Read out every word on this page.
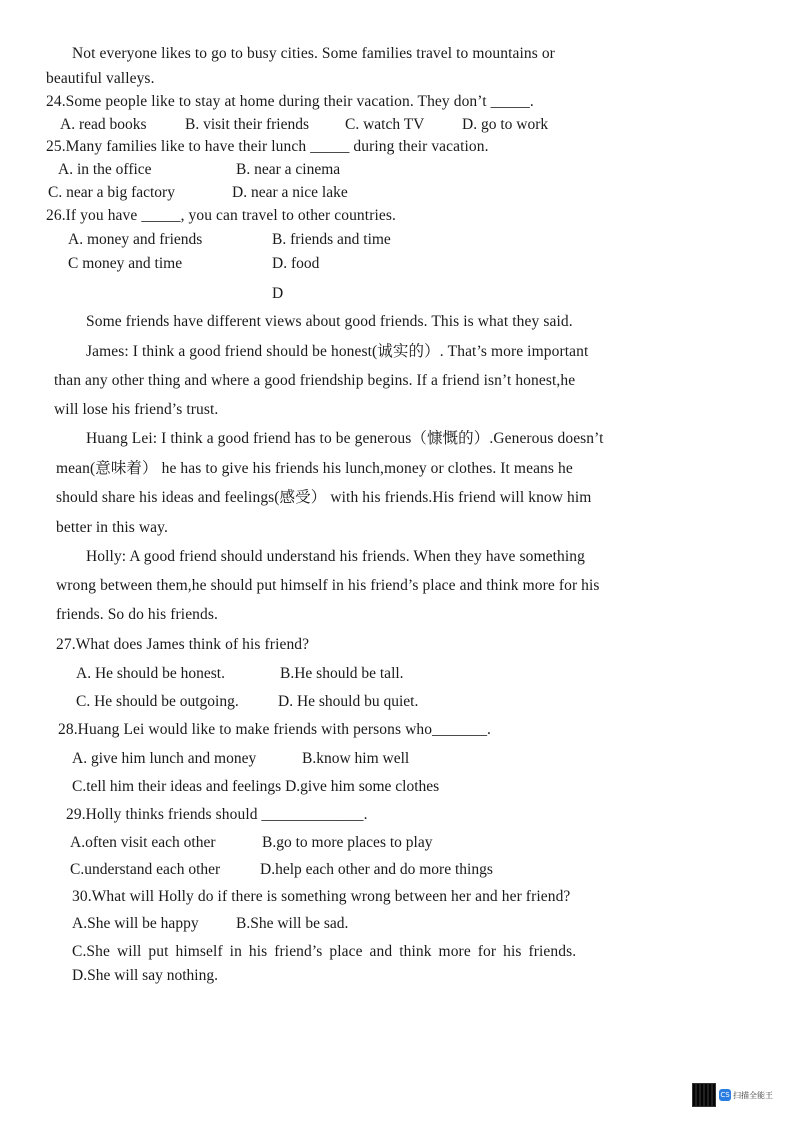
Not everyone likes to go to busy cities. Some families travel to mountains or
beautiful valleys.
24.Some people like to stay at home during their vacation. They don’t _____.
A. read books B. visit their friends C. watch TV D. go to work
25.Many families like to have their lunch _____ during their vacation.
A. in the office	B. near a cinema
C. near a big factory	D. near a nice lake
26.If you have _____, you can travel to other countries.
A. money and friends	B. friends and time
C money and time	D. food
D
Some friends have different views about good friends. This is what they said.
James: I think a good friend should be honest(诚实的）. That’s more important
than any other thing and where a good friendship begins. If a friend isn’t honest,he
will lose his friend’s trust.
Huang Lei: I think a good friend has to be generous（慷慨的）.Generous doesn’t
mean(意味着） he has to give his friends his lunch,money or clothes. It means he
should share his ideas and feelings(感受） with his friends.His friend will know him
better in this way.
Holly: A good friend should understand his friends. When they have something
wrong between them,he should put himself in his friend’s place and think more for his
friends. So do his friends.
27.What does James think of his friend?
A. He should be honest.	B.He should be tall.
C. He should be outgoing.	D. He should bu quiet.
28.Huang Lei would like to make friends with persons who_______.
A. give him lunch and money	B.know him well
C.tell him their ideas and feelings D.give him some clothes
29.Holly thinks friends should _____________.
A.often visit each other	B.go to more places to play
C.understand each other	D.help each other and do more things
30.What will Holly do if there is something wrong between her and her friend?
A.She will be happy B.She will be sad.
C.She will put himself in his friend’s place and think more for his friends.
D.She will say nothing.
CS 扫描全能王
